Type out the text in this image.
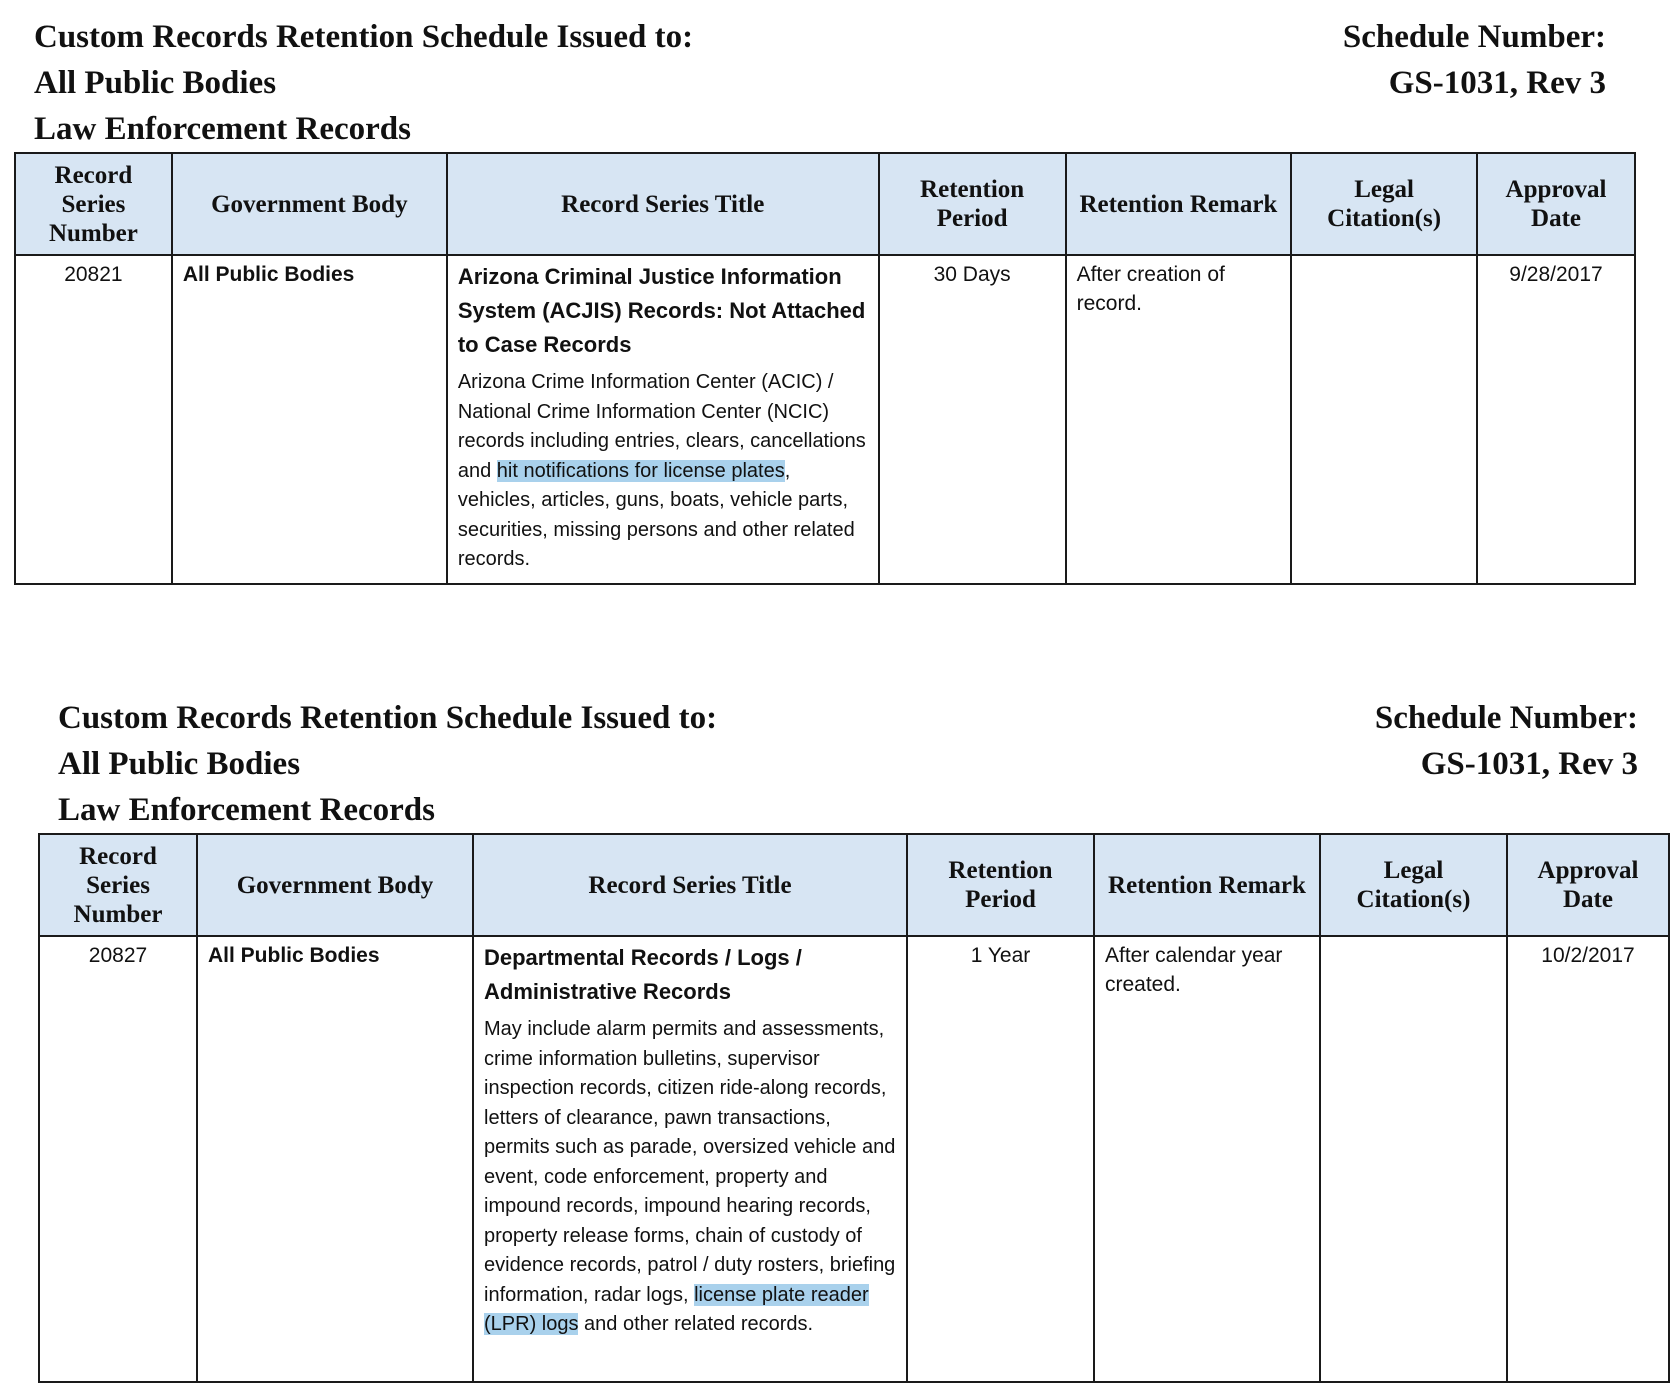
Custom Records Retention Schedule Issued to:
All Public Bodies
Law Enforcement Records
Schedule Number:
GS-1031, Rev 3
Record Series Number	Government Body	Record Series Title	Retention Period	Retention Remark	Legal Citation(s)	Approval Date
20821	All Public Bodies	Arizona Criminal Justice Information System (ACJIS) Records: Not Attached to Case Records
Arizona Crime Information Center (ACIC) / National Crime Information Center (NCIC) records including entries, clears, cancellations and hit notifications for license plates, vehicles, articles, guns, boats, vehicle parts, securities, missing persons and other related records.	30 Days	After creation of record.		9/28/2017
Custom Records Retention Schedule Issued to:
All Public Bodies
Law Enforcement Records
Schedule Number:
GS-1031, Rev 3
Record Series Number	Government Body	Record Series Title	Retention Period	Retention Remark	Legal Citation(s)	Approval Date
20827	All Public Bodies	Departmental Records / Logs / Administrative Records
May include alarm permits and assessments, crime information bulletins, supervisor inspection records, citizen ride-along records, letters of clearance, pawn transactions, permits such as parade, oversized vehicle and event, code enforcement, property and impound records, impound hearing records, property release forms, chain of custody of evidence records, patrol / duty rosters, briefing information, radar logs, license plate reader (LPR) logs and other related records.	1 Year	After calendar year created.		10/2/2017
